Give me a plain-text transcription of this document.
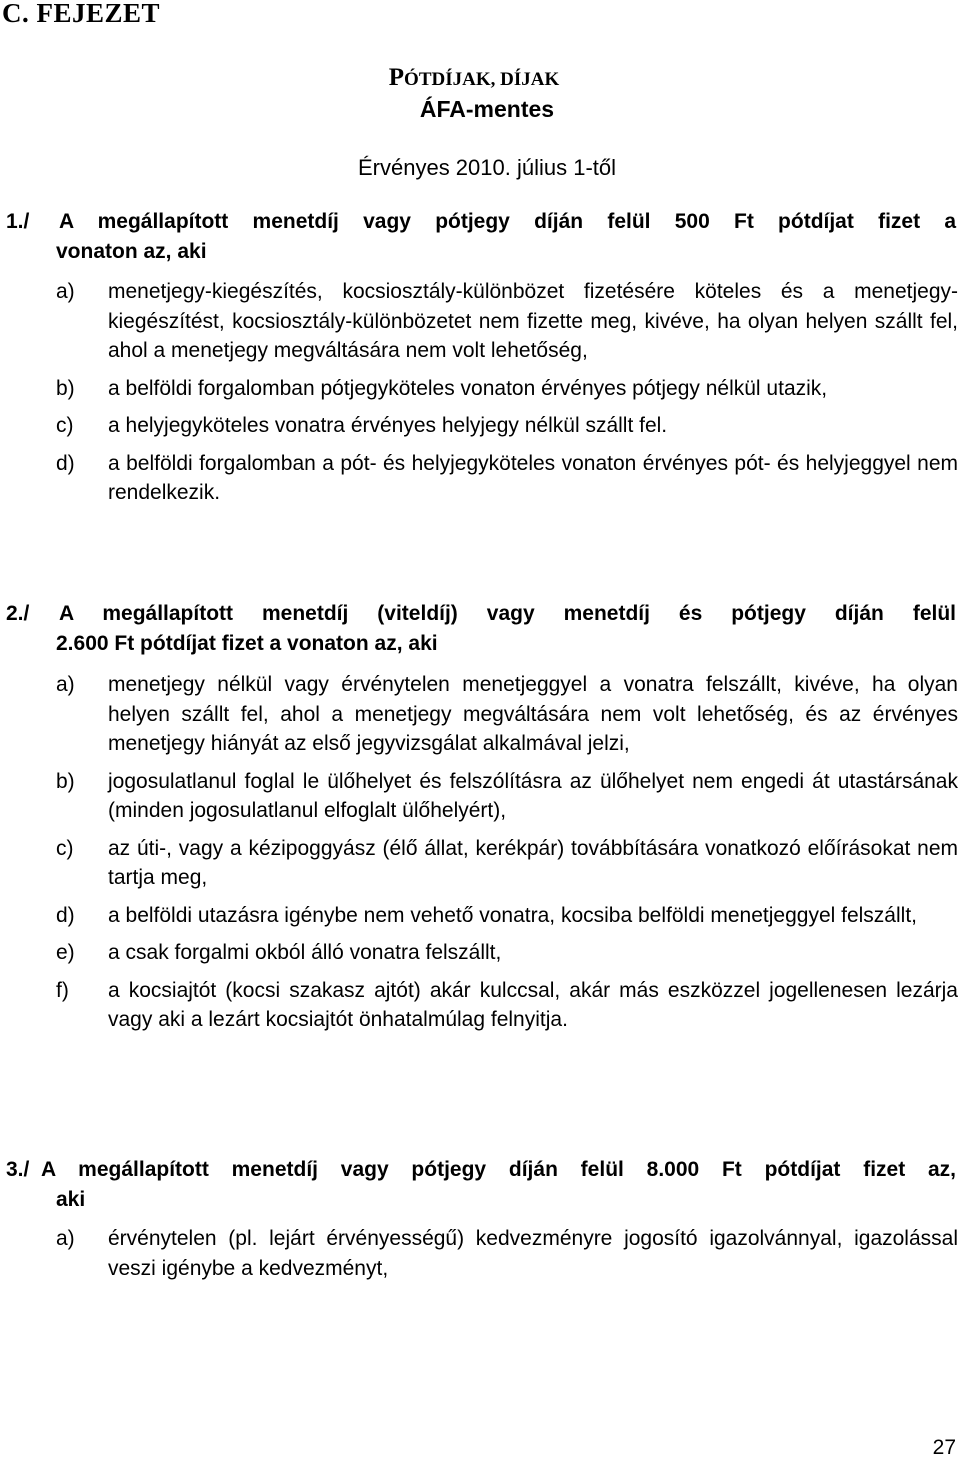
C. FEJEZET
PÓTDÍJAK, DÍJAK
ÁFA-mentes
Érvényes 2010. július 1-től
1./	A megállapított menetdíj vagy pótjegy díján felül 500 Ft pótdíjat fizet a
vonaton az, aki
a)	menetjegy-kiegészítés, kocsiosztály-különbözet fizetésére köteles és a menetjegy-kiegészítést, kocsiosztály-különbözetet nem fizette meg, kivéve, ha olyan helyen szállt fel, ahol a menetjegy megváltására nem volt lehetőség,
b)	a belföldi forgalomban pótjegyköteles vonaton érvényes pótjegy nélkül utazik,
c)	a helyjegyköteles vonatra érvényes helyjegy nélkül szállt fel.
d)	a belföldi forgalomban a pót- és helyjegyköteles vonaton érvényes pót- és helyjeggyel nem rendelkezik.
2./	A megállapított menetdíj (viteldíj) vagy menetdíj és pótjegy díján felül
2.600 Ft pótdíjat fizet a vonaton az, aki
a)	menetjegy nélkül vagy érvénytelen menetjeggyel a vonatra felszállt, kivéve, ha olyan helyen szállt fel, ahol a menetjegy megváltására nem volt lehetőség, és az érvényes menetjegy hiányát az első jegyvizsgálat alkalmával jelzi,
b)	jogosulatlanul foglal le ülőhelyet és felszólításra az ülőhelyet nem engedi át utastársának (minden jogosulatlanul elfoglalt ülőhelyért),
c)	az úti-, vagy a kézipoggyász (élő állat, kerékpár) továbbítására vonatkozó előírásokat nem tartja meg,
d)	a belföldi utazásra igénybe nem vehető vonatra, kocsiba belföldi menetjeggyel felszállt,
e)	a csak forgalmi okból álló vonatra felszállt,
f)	a kocsiajtót (kocsi szakasz ajtót) akár kulccsal, akár más eszközzel jogellenesen lezárja vagy aki a lezárt kocsiajtót önhatalmúlag felnyitja.
3./ A megállapított menetdíj vagy pótjegy díján felül 8.000 Ft pótdíjat fizet az,
aki
a)	érvénytelen (pl. lejárt érvényességű) kedvezményre jogosító igazolvánnyal, igazolással veszi igénybe a kedvezményt,
27
